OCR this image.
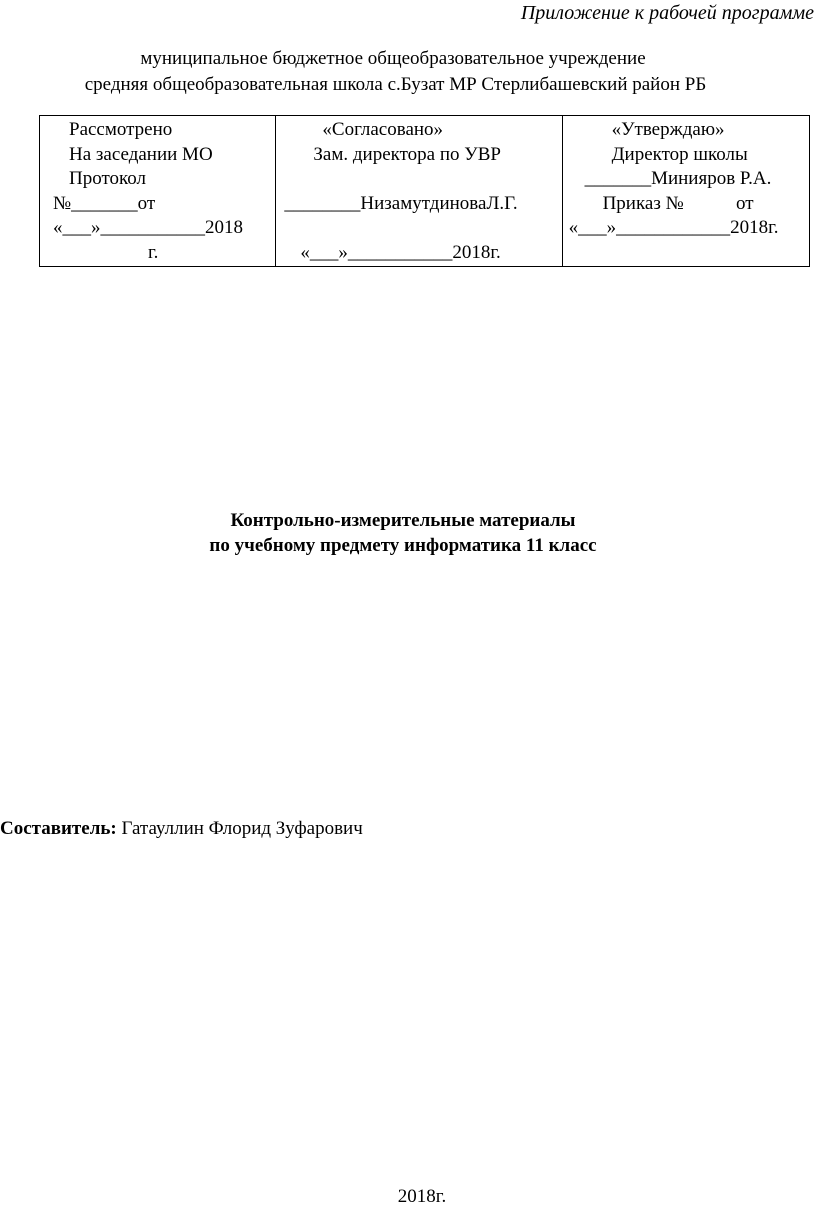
Приложение к рабочей программе
муниципальное бюджетное общеобразовательное учреждение
средняя общеобразовательная школа с.Бузат МР Стерлибашевский район РБ
Рассмотрено
На заседании МО
Протокол
№_______от
«___»___________2018
г.

«Согласовано»
Зам. директора по УВР
________НизамутдиноваЛ.Г.
«___»___________2018г.

«Утверждаю»
Директор школы
_______Минияров Р.А.
Приказ №           от
«___»____________2018г.
Контрольно-измерительные материалы
по учебному предмету информатика 11 класс
Составитель: Гатауллин Флорид Зуфарович
2018г.
